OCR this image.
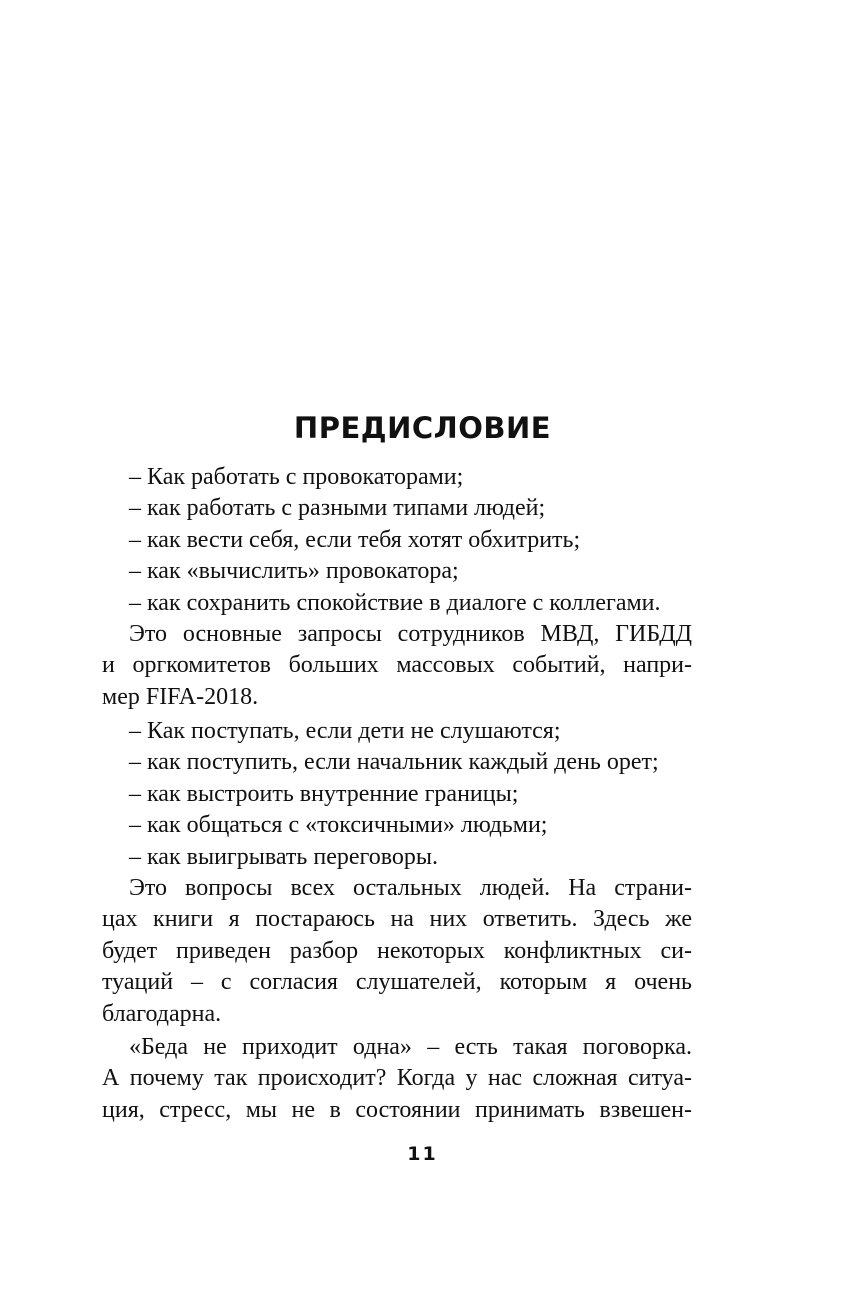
ПРЕДИСЛОВИЕ
– Как работать с провокаторами;
– как работать с разными типами людей;
– как вести себя, если тебя хотят обхитрить;
– как «вычислить» провокатора;
– как сохранить спокойствие в диалоге с коллегами.
Это основные запросы сотрудников МВД, ГИБДД
и оргкомитетов больших массовых событий, напри-
мер FIFA-2018.
– Как поступать, если дети не слушаются;
– как поступить, если начальник каждый день орет;
– как выстроить внутренние границы;
– как общаться с «токсичными» людьми;
– как выигрывать переговоры.
Это вопросы всех остальных людей. На страни-
цах книги я постараюсь на них ответить. Здесь же
будет приведен разбор некоторых конфликтных си-
туаций – с согласия слушателей, которым я очень
благодарна.
«Беда не приходит одна» – есть такая поговорка.
А почему так происходит? Когда у нас сложная ситуа-
ция, стресс, мы не в состоянии принимать взвешен-
11
